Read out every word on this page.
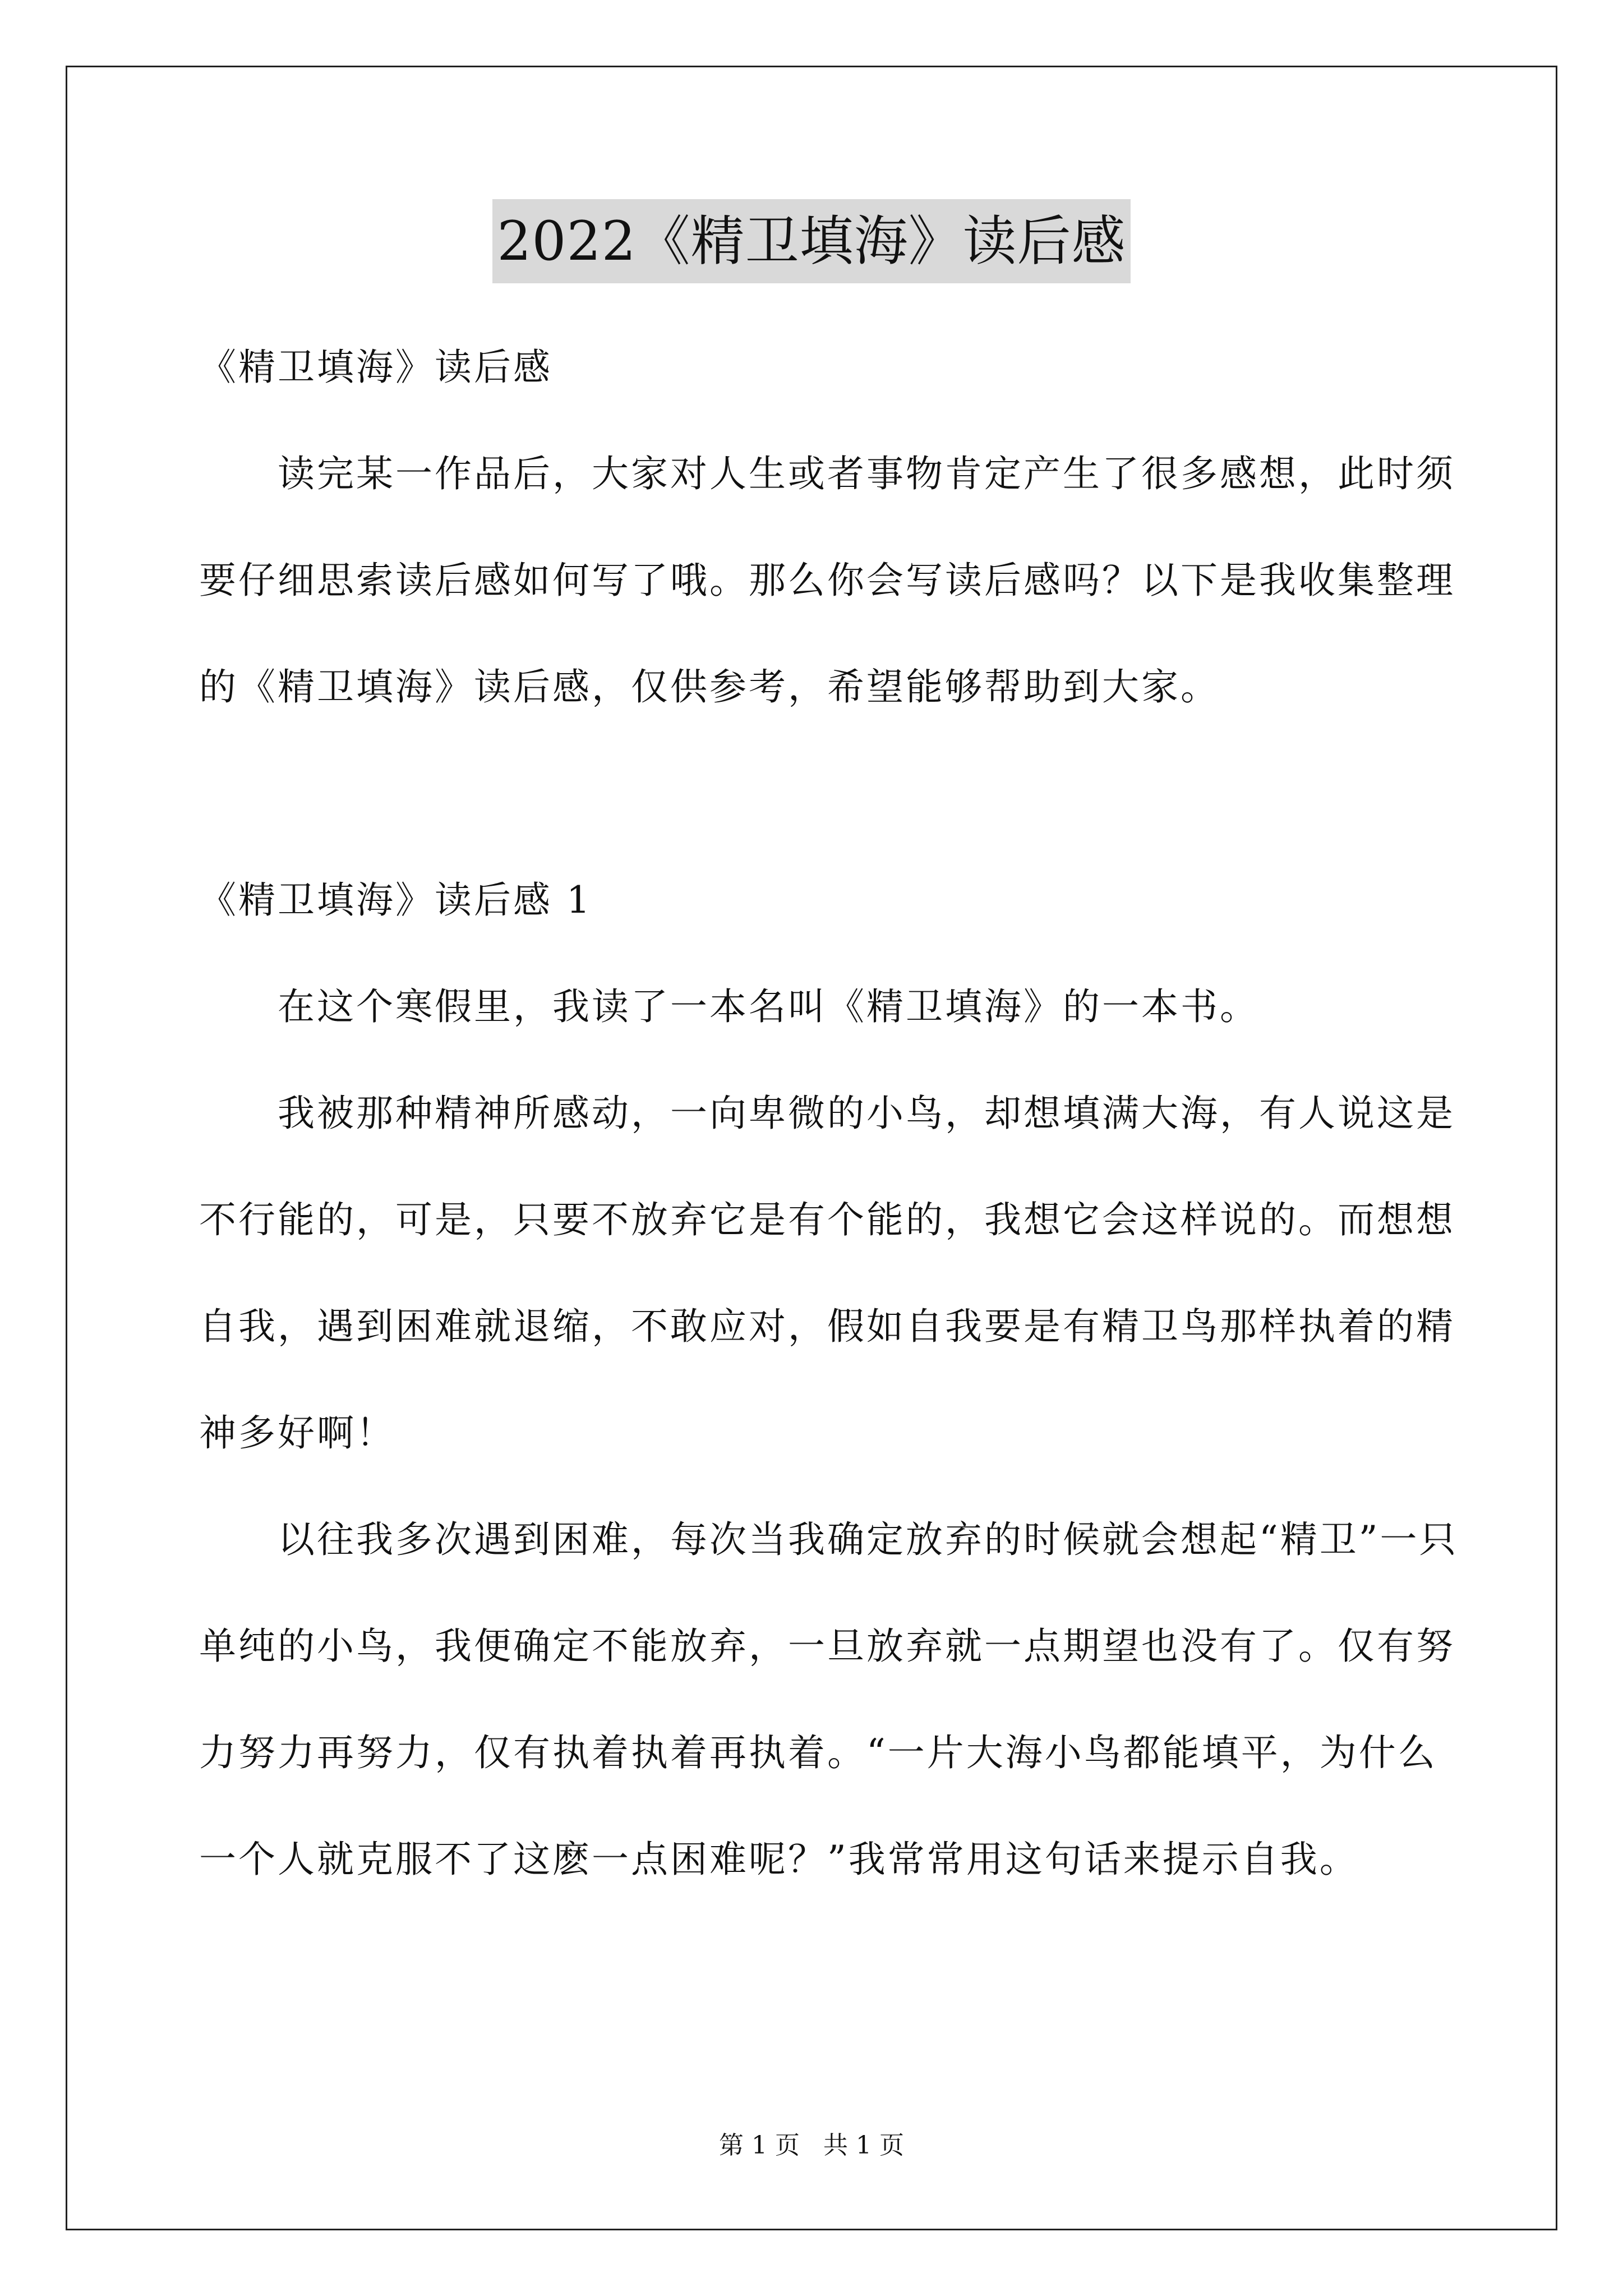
2022《精卫填海》读后感

《精卫填海》读后感

读完某一作品后，大家对人生或者事物肯定产生了很多感想，此时须要仔细思索读后感如何写了哦。那么你会写读后感吗？以下是我收集整理的《精卫填海》读后感，仅供参考，希望能够帮助到大家。

《精卫填海》读后感 1

在这个寒假里，我读了一本名叫《精卫填海》的一本书。

我被那种精神所感动，一向卑微的小鸟，却想填满大海，有人说这是不行能的，可是，只要不放弃它是有个能的，我想它会这样说的。而想想自我，遇到困难就退缩，不敢应对，假如自我要是有精卫鸟那样执着的精神多好啊！

以往我多次遇到困难，每次当我确定放弃的时候就会想起“精卫”一只单纯的小鸟，我便确定不能放弃，一旦放弃就一点期望也没有了。仅有努力努力再努力，仅有执着执着再执着。“一片大海小鸟都能填平，为什么一个人就克服不了这麽一点困难呢？”我常常用这句话来提示自我。

第 1 页 共 1 页
